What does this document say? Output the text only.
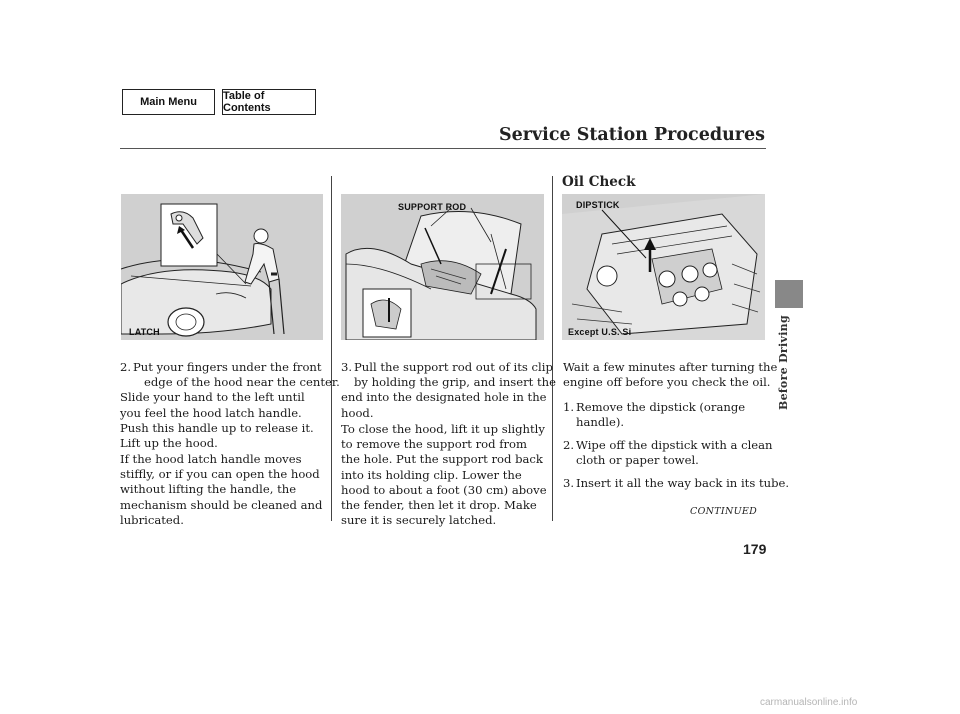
Main Menu	Table of Contents
Service Station Procedures
Oil Check
LATCH
SUPPORT ROD	DIPSTICK
Except U.S. Si
2. Put your fingers under the front
edge of the hood near the center.
Slide your hand to the left until
you feel the hood latch handle.
Push this handle up to release it.
Lift up the hood.
If the hood latch handle moves
stiffly, or if you can open the hood
without lifting the handle, the
mechanism should be cleaned and
lubricated.
3. Pull the support rod out of its clip
by holding the grip, and insert the
end into the designated hole in the
hood.
To close the hood, lift it up slightly
to remove the support rod from
the hole. Put the support rod back
into its holding clip. Lower the
hood to about a foot (30 cm) above
the fender, then let it drop. Make
sure it is securely latched.
Wait a few minutes after turning the
engine off before you check the oil.
1. Remove the dipstick (orange
handle).
2. Wipe off the dipstick with a clean
cloth or paper towel.
3. Insert it all the way back in its tube.
CONTINUED
179
Before Driving
carmanualsonline.info
